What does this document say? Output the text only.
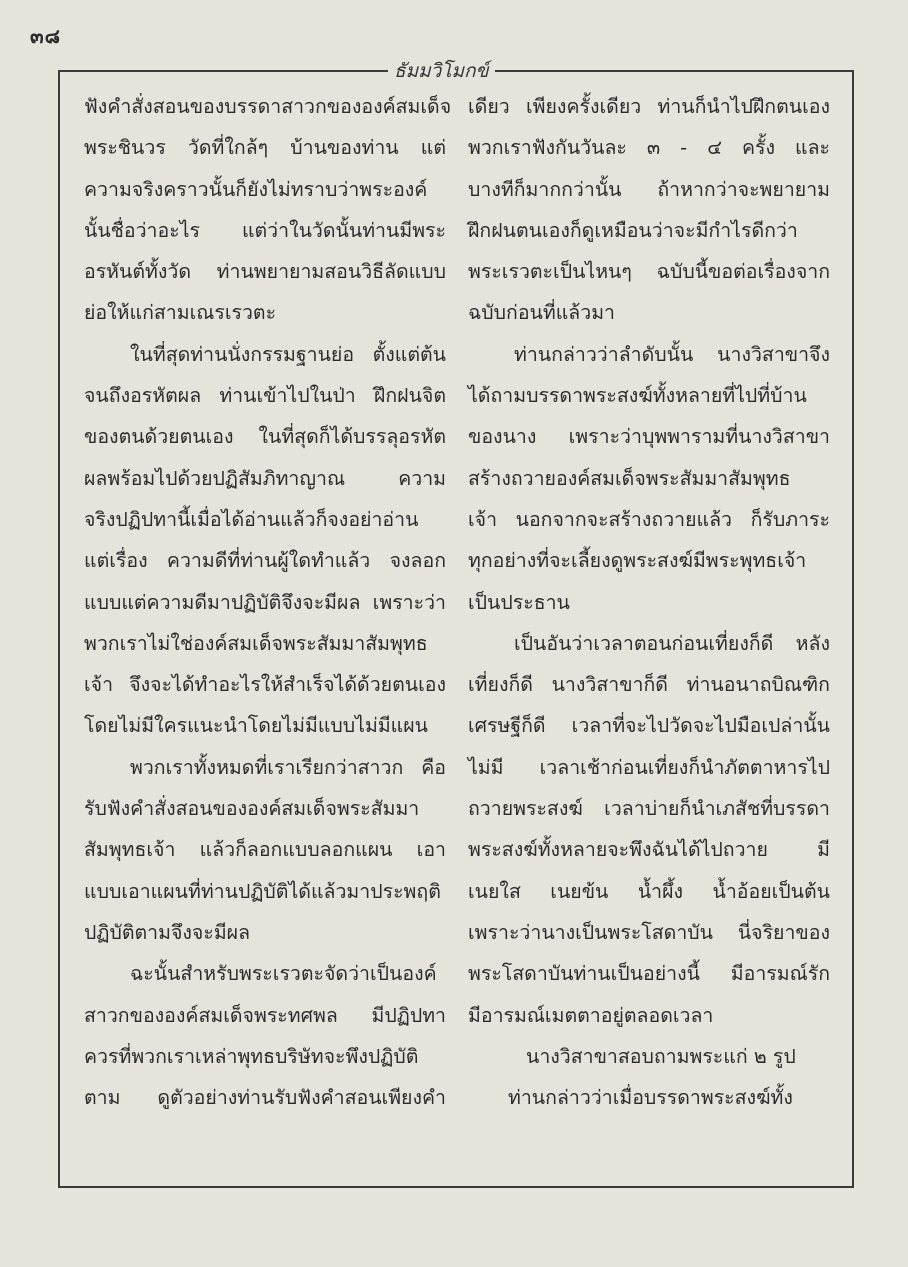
๓๘
ธัมมวิโมกข์
ฟังคำสั่งสอนของบรรดาสาวกขององค์สมเด็จ
พระชินวร วัดที่ใกล้ๆ บ้านของท่าน แต่
ความจริงคราวนั้นก็ยังไม่ทราบว่าพระองค์
นั้นชื่อว่าอะไร แต่ว่าในวัดนั้นท่านมีพระ
อรหันต์ทั้งวัด ท่านพยายามสอนวิธีลัดแบบ
ย่อให้แก่สามเณรเรวตะ
ในที่สุดท่านนั่งกรรมฐานย่อ ตั้งแต่ต้น
จนถึงอรหัตผล ท่านเข้าไปในป่า ฝึกฝนจิต
ของตนด้วยตนเอง ในที่สุดก็ได้บรรลุอรหัต
ผลพร้อมไปด้วยปฏิสัมภิทาญาณ ความ
จริงปฏิปทานี้เมื่อได้อ่านแล้วก็จงอย่าอ่าน
แต่เรื่อง ความดีที่ท่านผู้ใดทำแล้ว จงลอก
แบบแต่ความดีมาปฏิบัติจึงจะมีผล เพราะว่า
พวกเราไม่ใช่องค์สมเด็จพระสัมมาสัมพุทธ
เจ้า จึงจะได้ทำอะไรให้สำเร็จได้ด้วยตนเอง
โดยไม่มีใครแนะนำโดยไม่มีแบบไม่มีแผน
พวกเราทั้งหมดที่เราเรียกว่าสาวก คือ
รับฟังคำสั่งสอนขององค์สมเด็จพระสัมมา
สัมพุทธเจ้า แล้วก็ลอกแบบลอกแผน เอา
แบบเอาแผนที่ท่านปฏิบัติได้แล้วมาประพฤติ
ปฏิบัติตามจึงจะมีผล
ฉะนั้นสำหรับพระเรวตะจัดว่าเป็นองค์
สาวกขององค์สมเด็จพระทศพล มีปฏิปทา
ควรที่พวกเราเหล่าพุทธบริษัทจะพึงปฏิบัติ
ตาม ดูตัวอย่างท่านรับฟังคำสอนเพียงคำ
เดียว เพียงครั้งเดียว ท่านก็นำไปฝึกตนเอง
พวกเราฟังกันวันละ ๓ - ๔ ครั้ง และ
บางทีก็มากกว่านั้น ถ้าหากว่าจะพยายาม
ฝึกฝนตนเองก็ดูเหมือนว่าจะมีกำไรดีกว่า
พระเรวตะเป็นไหนๆ ฉบับนี้ขอต่อเรื่องจาก
ฉบับก่อนที่แล้วมา
ท่านกล่าวว่าลำดับนั้น นางวิสาขาจึง
ได้ถามบรรดาพระสงฆ์ทั้งหลายที่ไปที่บ้าน
ของนาง เพราะว่าบุพพารามที่นางวิสาขา
สร้างถวายองค์สมเด็จพระสัมมาสัมพุทธ
เจ้า นอกจากจะสร้างถวายแล้ว ก็รับภาระ
ทุกอย่างที่จะเลี้ยงดูพระสงฆ์มีพระพุทธเจ้า
เป็นประธาน
เป็นอันว่าเวลาตอนก่อนเที่ยงก็ดี หลัง
เที่ยงก็ดี นางวิสาขาก็ดี ท่านอนาถบิณฑิก
เศรษฐีก็ดี เวลาที่จะไปวัดจะไปมือเปล่านั้น
ไม่มี เวลาเช้าก่อนเที่ยงก็นำภัตตาหารไป
ถวายพระสงฆ์ เวลาบ่ายก็นำเภสัชที่บรรดา
พระสงฆ์ทั้งหลายจะพึงฉันได้ไปถวาย มี
เนยใส เนยข้น น้ำผึ้ง น้ำอ้อยเป็นต้น
เพราะว่านางเป็นพระโสดาบัน นี่จริยาของ
พระโสดาบันท่านเป็นอย่างนี้ มีอารมณ์รัก
มีอารมณ์เมตตาอยู่ตลอดเวลา
นางวิสาขาสอบถามพระแก่ ๒ รูป
ท่านกล่าวว่าเมื่อบรรดาพระสงฆ์ทั้ง
